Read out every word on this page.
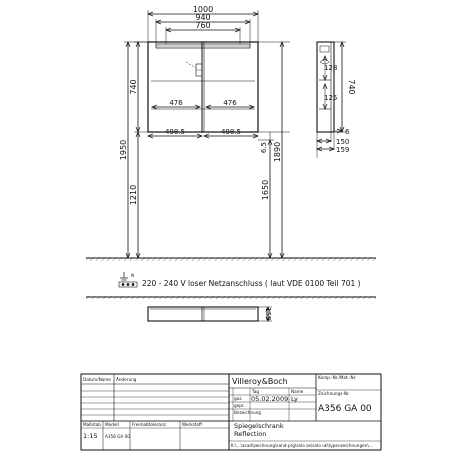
1000
940
760
740
476	476
498.5	498.5
1950
1210
6.5
1650
1890
740
128
125
6
150
159
N
220 - 240 V loser Netzanschluss ( laut VDE 0100 Teil 701 )
159
Datum/Name Änderung	Villeroy&Boch	Komp.-Nr./Mat.-Nr.
Tag	Name
gez. 05.02.2009 Ly
gepr.
Zeichnungs-Nr.
A356 GA 00
Bezeichnung
Spiegelschrank
Reflection
K:\...\acad\zeichnung\sand-prg\solo as\solo uk\typenzeichnungen\...
Maßstab
1:15
Modell
A356 GA 00
Freimaßtoleranz	Werkstoff
